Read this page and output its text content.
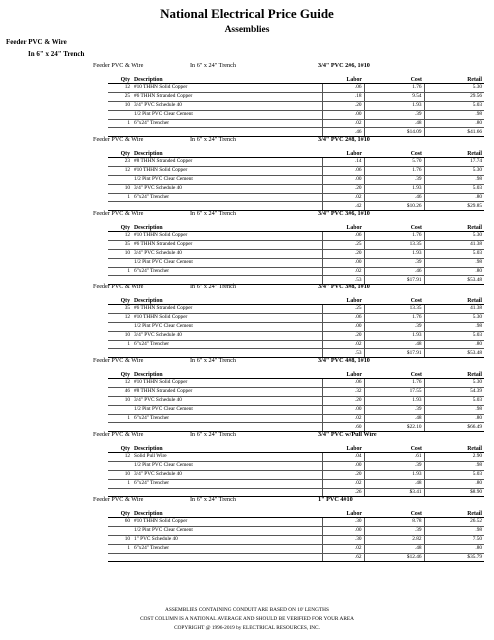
National Electrical Price Guide
Assemblies
Feeder PVC & Wire
In 6" x 24" Trench
Feeder PVC & Wire	In 6" x 24" Trench	3/4" PVC 2#6, 1#10
Qty	Description	Labor	Cost	Retail
12	#10 THHN Solid Copper	.06	1.76	5.30
25	#6 THHN Stranded Copper	.18	9.54	29.56
10	3/4" PVC Schedule 40	.20	1.93	5.03
	1/2 Pint PVC Clear Cement	.00	.39	.98
1	6"x24" Trencher	.02	.48	.80
		.46	$14.09	$41.66
Feeder PVC & Wire	In 6" x 24" Trench	3/4" PVC 2#8, 1#10
Qty	Description	Labor	Cost	Retail
23	#8 THHN Stranded Copper	.14	5.70	17.74
12	#10 THHN Solid Copper	.06	1.76	5.30
	1/2 Pint PVC Clear Cement	.00	.39	.98
10	3/4" PVC Schedule 40	.20	1.93	5.03
1	6"x24" Trencher	.02	.46	.80
		.42	$10.26	$29.85
Feeder PVC & Wire	In 6" x 24" Trench	3/4" PVC 3#6, 1#10
Qty	Description	Labor	Cost	Retail
12	#10 THHN Solid Copper	.06	1.76	5.30
35	#6 THHN Stranded Copper	.25	13.35	41.38
10	3/4" PVC Schedule 40	.20	1.93	5.03
	1/2 Pint PVC Clear Cement	.00	.39	.98
1	6"x24" Trencher	.02	.46	.80
		.53	$17.91	$53.48
Feeder PVC & Wire	In 6" x 24" Trench	3/4" PVC 3#8, 1#10
Qty	Description	Labor	Cost	Retail
35	#6 THHN Stranded Copper	.25	13.35	41.38
12	#10 THHN Solid Copper	.06	1.76	5.30
	1/2 Pint PVC Clear Cement	.00	.39	.98
10	3/4" PVC Schedule 40	.20	1.93	5.03
1	6"x24" Trencher	.02	.48	.80
		.53	$17.91	$53.48
Feeder PVC & Wire	In 6" x 24" Trench	3/4" PVC 4#8, 1#10
Qty	Description	Labor	Cost	Retail
12	#10 THHN Solid Copper	.06	1.76	5.30
46	#8 THHN Stranded Copper	.32	17.55	54.39
10	3/4" PVC Schedule 40	.20	1.93	5.03
	1/2 Pint PVC Clear Cement	.00	.39	.98
1	6"x24" Trencher	.02	.48	.80
		.60	$22.10	$66.49
Feeder PVC & Wire	In 6" x 24" Trench	3/4" PVC w/Pull Wire
Qty	Description	Labor	Cost	Retail
12	Solid Pull Wire	.04	.61	2.90
	1/2 Pint PVC Clear Cement	.00	.39	.98
10	3/4" PVC Schedule 40	.20	1.93	5.03
1	6"x24" Trencher	.02	.48	.80
		.26	$3.41	$8.90
Feeder PVC & Wire	In 6" x 24" Trench	1" PVC 4#10
Qty	Description	Labor	Cost	Retail
60	#10 THHN Solid Copper	.30	8.78	26.52
	1/2 Pint PVC Clear Cement	.00	.39	.98
10	1" PVC Schedule 40	.30	2.82	7.50
1	6"x24" Trencher	.02	.48	.80
		.62	$12.46	$35.79
ASSEMBLIES CONTAINING CONDUIT ARE BASED ON 10' LENGTHS
COST COLUMN IS A NATIONAL AVERAGE AND SHOULD BE VERIFIED FOR YOUR AREA
COPYRIGHT @ 1996-2019 by ELECTRICAL RESOURCES, INC.
